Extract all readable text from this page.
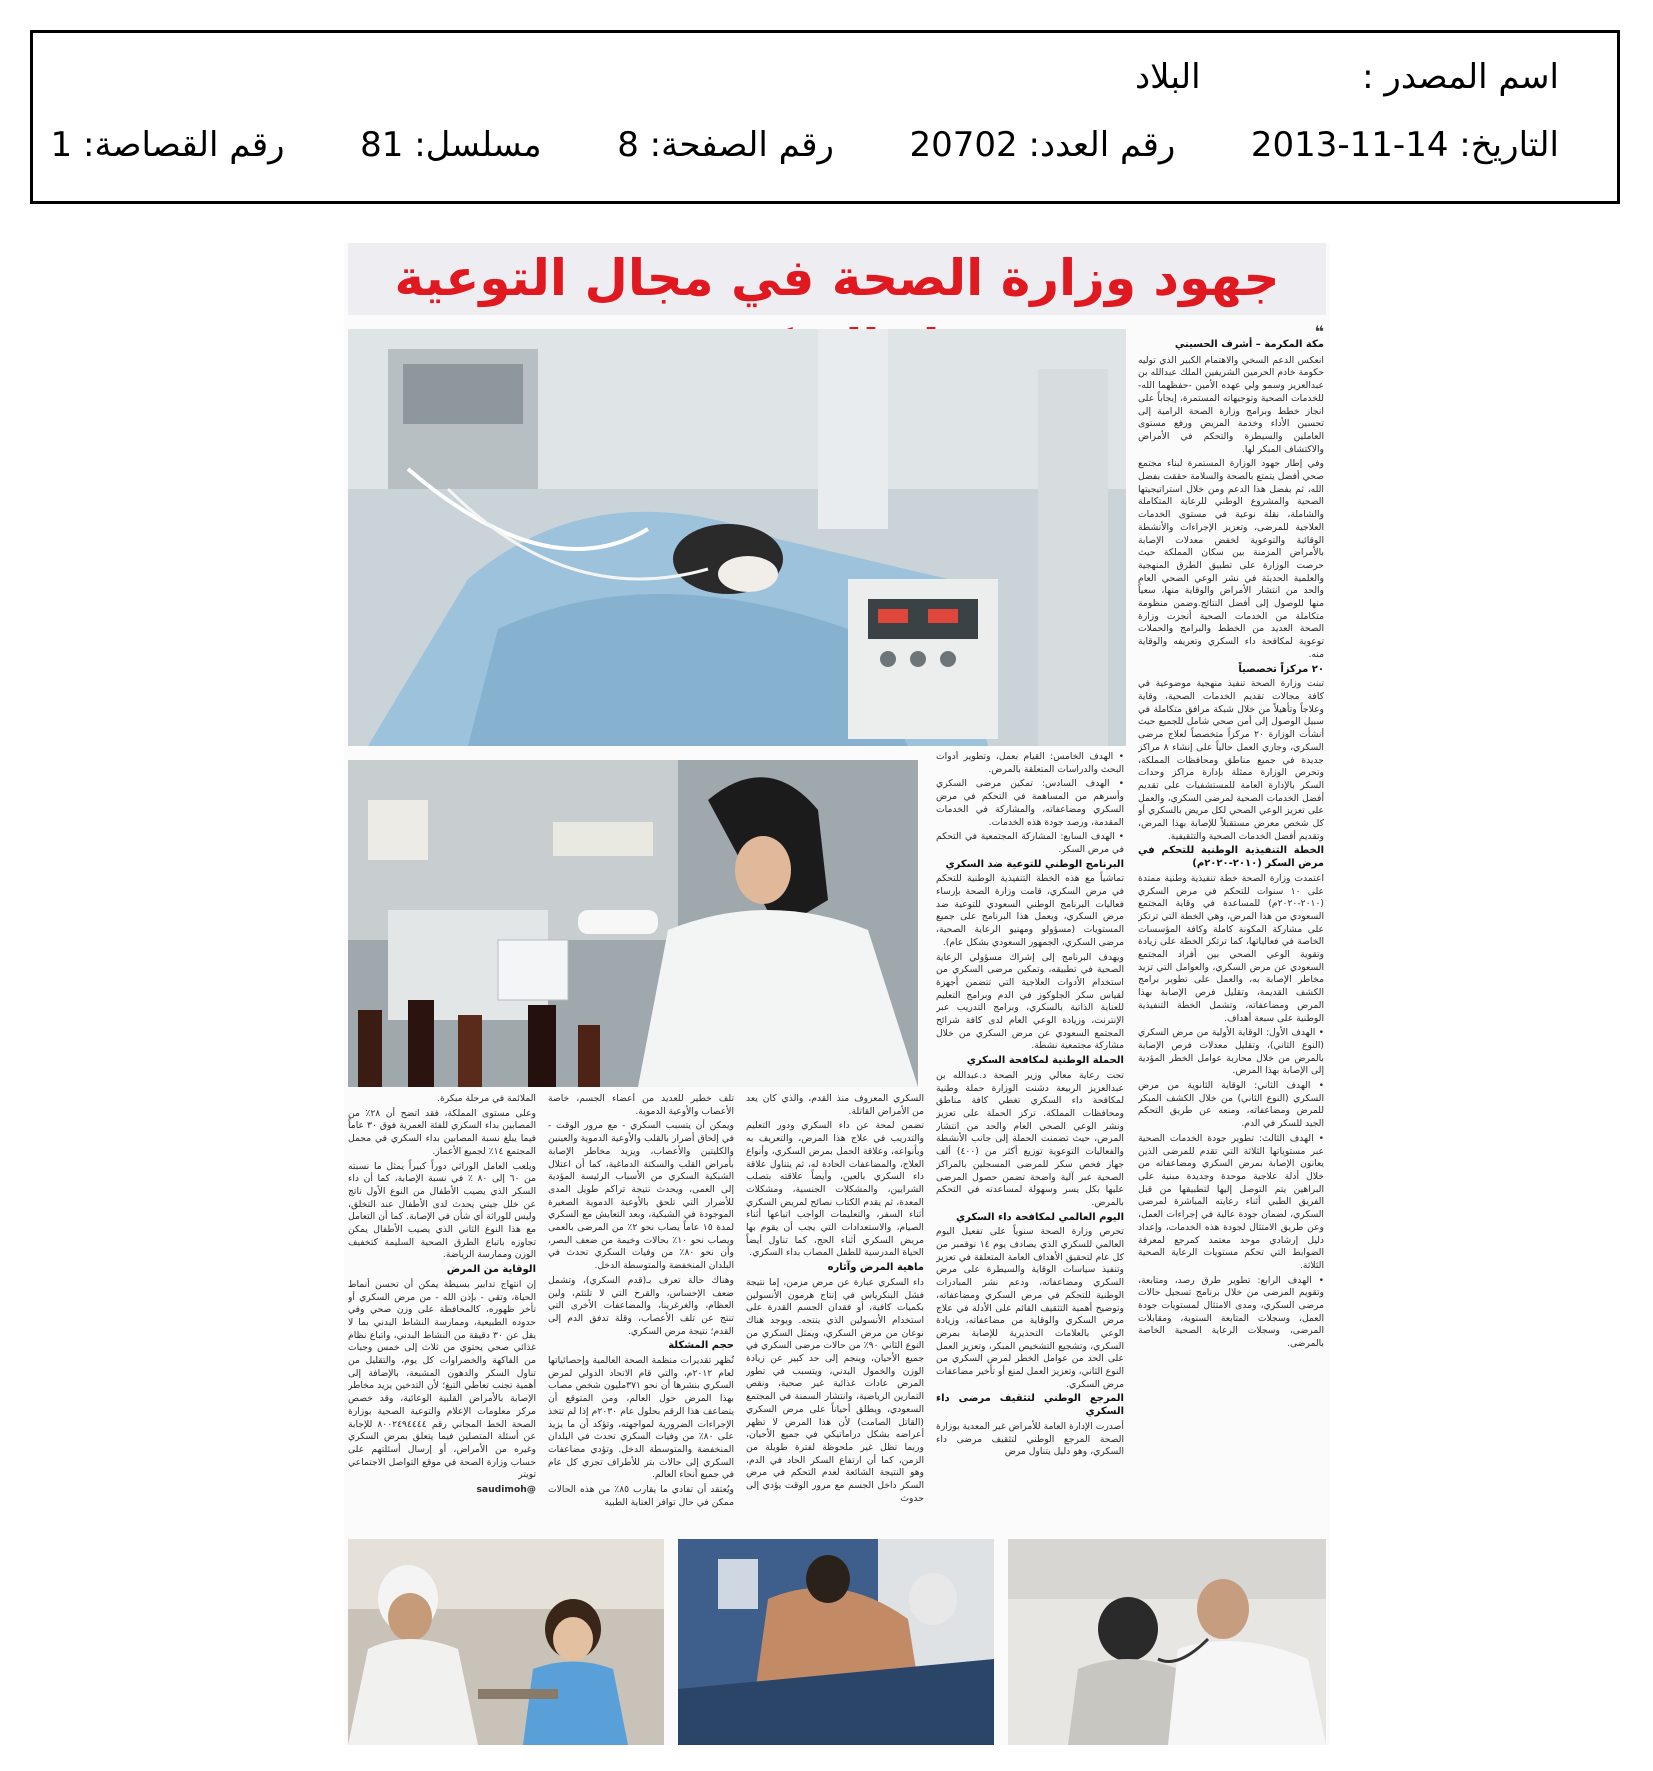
اسم المصدر :  البلاد
التاريخ: 2013-11-14  رقم العدد: 20702  رقم الصفحة: 8  مسلسل: 81  رقم القصاصة: 1
جهود وزارة الصحة في مجال التوعية
❝
مكة المكرمة – أشرف الحسيني

انعكس الدعم السخي والاهتمام الكبير الذي توليه حكومة خادم الحرمين الشريفين الملك عبدالله بن عبدالعزيز وسمو ولي عهده الأمين -حفظهما الله- للخدمات الصحية وتوجيهاته المستمرة، إيجاباً على انجاز خطط وبرامج وزارة الصحة الرامية إلى تحسين الأداء وخدمة المريض ورفع مستوى العاملين والسيطرة والتحكم في الأمراض والاكتشاف المبكر لها.

وفي إطار جهود الوزارة المستمرة لبناء مجتمع صحي أفضل يتمتع بالصحة والسلامة حققت بفضل الله، ثم بفضل هذا الدعم ومن خلال استراتيجيتها الصحية والمشروع الوطني للرعاية المتكاملة والشاملة، نقلة نوعية في مستوى الخدمات العلاجية للمرضى، وتعزيز الإجراءات والأنشطة الوقائية والتوعوية لخفض معدلات الإصابة بالأمراض المزمنة بين سكان المملكة حيث حرصت الوزارة على تطبيق الطرق المنهجية والعلمية الحديثة في نشر الوعي الصحي العام والحد من انتشار الأمراض والوقاية منها، سعياً منها للوصول إلى أفضل النتائج.وضمن منظومة متكاملة من الخدمات الصحية أنجزت وزارة الصحة العديد من الخطط والبرامج والحملات توعوية لمكافحة داء السكري وتعريفه والوقاية منه.

٢٠ مركزاً تخصصياً

تبنت وزارة الصحة تنفيذ منهجية موضوعية في كافة مجالات تقديم الخدمات الصحية، وقاية وعلاجاً وتأهيلاً من خلال شبكة مرافق متكاملة في سبيل الوصول إلى أمن صحي شامل للجميع حيث أنشأت الوزارة ٢٠ مركزاً متخصصاً لعلاج مرضى السكري، وجاري العمل حالياً على إنشاء ٨ مراكز جديدة في جميع مناطق ومحافظات المملكة، وتحرص الوزارة ممثلة بإدارة مراكز وحدات السكر بالإدارة العامة للمستشفيات على تقديم أفضل الخدمات الصحية لمرضى السكري، والعمل على تعزيز الوعي الصحي لكل مريض بالسكري أو كل شخص معرض مستقبلاً للإصابة بهذا المرض، وتقديم أفضل الخدمات الصحية والتثقيفية.

الخطة التنفيذية الوطنية للتحكم في مرض السكر (٢٠١٠-٢٠٢٠م)

اعتمدت وزارة الصحة خطة تنفيذية وطنية ممتدة على ١٠ سنوات للتحكم في مرض السكري (٢٠١٠-٢٠٢٠م) للمساعدة في وقاية المجتمع السعودي من هذا المرض، وهي الخطة التي ترتكز على مشاركة المكونة كاملة وكافة المؤسسات الخاصة في فعالياتها، كما ترتكز الخطة على زيادة وتقوية الوعي الصحي بين أفراد المجتمع السعودي عن مرض السكري، والعوامل التي تزيد مخاطر الإصابة به، والعمل على تطوير برامج الكشف القديمة، وتقليل فرص الإصابة بهذا المرض ومضاعفاته، وتشمل الخطة التنفيذية الوطنية على سبعة أهداف.

• الهدف الأول: الوقاية الأولية من مرض السكري (النوع الثاني)، وتقليل معدلات فرص الإصابة بالمرض من خلال محاربة عوامل الخطر المؤدية إلى الإصابة بهذا المرض.

• الهدف الثاني: الوقاية الثانوية من مرض السكري (النوع الثاني) من خلال الكشف المبكر للمرض ومضاعفاته، ومنعه عن طريق التحكم الجيد للسكر في الدم.

• الهدف الثالث: تطوير جودة الخدمات الصحية عبر مستوياتها الثلاثة التي تقدم للمرضى الذين يعانون الإصابة بمرض السكري ومضاعفاته من خلال أدلة علاجية موحدة وجديدة مبنية على البراهين يتم التوصل إليها لتطبيقها من قبل الفريق الطبي أثناء رعايته المباشرة لمرضى السكري، لضمان جودة عالية في إجراءات العمل، وعن طريق الامتثال لجودة هذه الخدمات، وإعداد دليل إرشادي موحد معتمد كمرجع لمعرفة الضوابط التي تحكم مستويات الرعاية الصحية الثلاثة.

• الهدف الرابع: تطوير طرق رصد، ومتابعة، وتقويم المرضى من خلال برنامج تسجيل حالات مرضى السكري، ومدى الامتثال لمستويات جودة العمل، وسجلات المتابعة السنوية، ومقابلات المرضى، وسجلات الرعاية الصحية الخاصة بالمرضى.

• الهدف الخامس: القيام بعمل، وتطوير أدوات البحث والدراسات المتعلقة بالمرض.

• الهدف السادس: تمكين مرضى السكري وأسرهم من المساهمة في التحكم في مرض السكري ومضاعفاته، والمشاركة في الخدمات المقدمة، ورصد جودة هذه الخدمات.

• الهدف السابع: المشاركة المجتمعية في التحكم في مرض السكر.

البرنامج الوطني للتوعية ضد السكري

تماشياً مع هذه الخطة التنفيذية الوطنية للتحكم في مرض السكري، قامت وزارة الصحة بإرساء فعاليات البرنامج الوطني السعودي للتوعية ضد مرض السكري، ويعمل هذا البرنامج على جميع المستويات (مسؤولو ومهنيو الرعاية الصحية، مرضى السكري، الجمهور السعودي بشكل عام).

ويهدف البرنامج إلى إشراك مسؤولي الرعاية الصحية في تطبيقه، وتمكين مرضى السكري من استخدام الأدوات العلاجية التي تتضمن أجهزة لقياس سكر الجلوكوز في الدم وبرامج التعليم للعناية الذاتية بالسكري، وبرامج التدريب عبر الإنترنت، وزيادة الوعي العام لدى كافة شرائح المجتمع السعودي عن مرض السكري من خلال مشاركة مجتمعية نشطة.

الحملة الوطنية لمكافحة السكري

تحت رعاية معالي وزير الصحة د.عبدالله بن عبدالعزيز الربيعة دشنت الوزارة حملة وطنية لمكافحة داء السكري تغطي كافة مناطق ومحافظات المملكة. تركز الحملة على تعزيز ونشر الوعي الصحي العام والحد من انتشار المرض، حيث تضمنت الحملة إلى جانب الأنشطة والفعاليات التوعوية توزيع أكثر من (٤٠٠) ألف جهاز فحص سكر للمرضى المسجلين بالمراكز الصحية عبر آلية واضحة تضمن حصول المرضى عليها بكل يسر وسهولة لمساعدته في التحكم بالمرض.

اليوم العالمي لمكافحة داء السكري

تحرص وزارة الصحة سنوياً على تفعيل اليوم العالمي للسكري الذي يصادف يوم ١٤ نوفمبر من كل عام لتحقيق الأهداف العامة المتعلقة في تعزيز وتنفيذ سياسات الوقاية والسيطرة على مرض السكري ومضاعفاته، ودعم نشر المبادرات الوطنية للتحكم في مرض السكري ومضاعفاته، وتوضيح أهمية التثقيف القائم على الأدلة في علاج مرض السكري والوقاية من مضاعفاته، وزيادة الوعي بالعلامات التحذيرية للإصابة بمرض السكري، وتشجيع التشخيص المبكر، وتعزيز العمل على الحد من عوامل الخطر لمرض السكري من النوع الثاني، وتعزيز العمل لمنع أو تأخير مضاعفات مرض السكري.

المرجع الوطني لتثقيف مرضى داء السكري

أصدرت الإدارة العامة للأمراض غير المعدية بوزارة الصحة المرجع الوطني لتثقيف مرضى داء السكري، وهو دليل يتناول مرض

السكري المعروف منذ القدم، والذي كان يعد من الأمراض القاتلة.

تضمن لمحة عن داء السكري ودور التعليم والتدريب في علاج هذا المرض، والتعريف به وبأنواعه، وعلاقة الحمل بمرض السكري، وأنواع العلاج، والمضاعفات الحادة له، ثم يتناول علاقة داء السكري بالعين، وأيضاً علاقته بتصلب الشرايين، والمشكلات الجنسية، ومشكلات المعدة، ثم يقدم الكتاب نصائح لمريض السكري أثناء السفر، والتعليمات الواجب اتباعها أثناء الصيام، والاستعدادات التي يجب أن يقوم بها مريض السكري أثناء الحج، كما تناول أيضاً الحياة المدرسية للطفل المصاب بداء السكري.

ماهية المرض وآثاره

داء السكري عبارة عن مرض مزمن، إما نتيجة فشل البنكرياس في إنتاج هرمون الأنسولين بكميات كافية، أو فقدان الجسم القدرة على استخدام الأنسولين الذي ينتجه. ويوجد هناك نوعان من مرض السكري، ويمثل السكري من النوع الثاني ٩٠٪ من حالات مرضى السكري في جميع الأحيان، وينجم إلى حد كبير عن زيادة الوزن والخمول البدني، ويتسبب في تطور المرض عادات غذائية غير صحية، ونقص التمارين الرياضية، وانتشار السمنة في المجتمع السعودي، ويطلق أحياناً على مرض السكري (القاتل الصامت) لأن هذا المرض لا تظهر أعراضه بشكل دراماتيكي في جميع الأحيان، وربما تظل غير ملحوظة لفترة طويلة من الزمن، كما أن ارتفاع السكر الحاد في الدم، وهو النتيجة الشائعة لعدم التحكم في مرض السكر داخل الجسم مع مرور الوقت يؤدي إلى حدوث

تلف خطير للعديد من أعضاء الجسم، خاصة الأعصاب والأوعية الدموية.

ويمكن أن يتسبب السكري - مع مرور الوقت - في إلحاق أضرار بالقلب والأوعية الدموية والعينين والكليتين والأعصاب، ويزيد مخاطر الإصابة بأمراض القلب والسكتة الدماغية، كما أن اعتلال الشبكية السكري من الأسباب الرئيسة المؤدية إلى العمى، ويحدث نتيجة تراكم طويل المدى للأضرار التي تلحق بالأوعية الدموية الصغيرة الموجودة في الشبكية، وبعد التعايش مع السكري لمدة ١٥ عاماً يصاب نحو ٢٪ من المرضى بالعمى ويصاب نحو ١٠٪ بحالات وخيمة من ضعف البصر، وأن نحو ٨٠٪ من وفيات السكري تحدث في البلدان المنخفضة والمتوسطة الدخل.

وهناك حالة تعرف بـ(قدم السكري)، وتشمل ضعف الإحساس، والقرح التي لا تلتئم، ولين العظام، والغرغرينا، والمضاعفات الأخرى التي تنتج عن تلف الأعصاب، وقلة تدفق الدم إلى القدم؛ نتيجة مرض السكري.

حجم المشكلة

تُظهر تقديرات منظمة الصحة العالمية وإحصائياتها لعام ٢٠١٢م، والتي قام الاتحاد الدولي لمرض السكري بنشرها أن نحو ٣٧١مليون شخص مصاب بهذا المرض حول العالم، ومن المتوقع أن يتضاعف هذا الرقم بحلول عام ٢٠٣٠م إذا لم تتخذ الإجراءات الضرورية لمواجهته، وتؤكد أن ما يزيد على ٨٠٪ من وفيات السكري تحدث في البلدان المنخفضة والمتوسطة الدخل. وتؤدي مضاعفات السكري إلى حالات بتر للأطراف تجري كل عام في جميع أنحاء العالم.

ويُعتقد أن تفادي ما يقارب ٨٥٪ من هذه الحالات ممكن في حال توافر العناية الطبية

الملائمة في مرحلة مبكرة.

وعلى مستوى المملكة، فقد اتضح أن ٢٨٪ من المصابين بداء السكري للفئة العمرية فوق ٣٠ عاماً فيما يبلغ نسبة المصابين بداء السكري في مجمل المجتمع ١٤٪ لجميع الأعمار.

ويلعب العامل الوراثي دوراً كبيراً يمثل ما نسبته من ٦٠ إلى ٨٠ ٪ في نسبة الإصابة، كما أن داء السكر الذي يصيب الأطفال من النوع الأول ناتج عن خلل جيني يحدث لدى الأطفال عند التخلق، وليس للوراثة أي شأن في الإصابة. كما أن التعامل مع هذا النوع الثاني الذي يصيب الأطفال يمكن تجاوزه باتباع الطرق الصحية السليمة كتخفيف الوزن وممارسة الرياضة.

الوقاية من المرض

إن انتهاج تدابير بسيطة يمكن أن تحسن أنماط الحياة، وتقي - بإذن الله - من مرض السكري أو تأخر ظهوره، كالمحافظة على وزن صحي وفي حدوده الطبيعية، وممارسة النشاط البدني بما لا يقل عن ٣٠ دقيقة من النشاط البدني، واتباع نظام غذائي صحي يحتوي من ثلاث إلى خمس وجبات من الفاكهة والخضراوات كل يوم، والتقليل من تناول السكر والدهون المشبعة، بالإضافة إلى أهمية تجنب تعاطي التبغ؛ لأن التدخين يزيد مخاطر الإصابة بالأمراض القلبية الوعائية، وقد خصص مركز معلومات الإعلام والتوعية الصحية بوزارة الصحة الخط المجاني رقم ٨٠٠٢٤٩٤٤٤٤ للإجابة عن أسئلة المتصلين فيما يتعلق بمرض السكري وغيره من الأمراض، أو إرسال أسئلتهم على حساب وزارة الصحة في موقع التواصل الاجتماعي تويتر

saudimoh@
